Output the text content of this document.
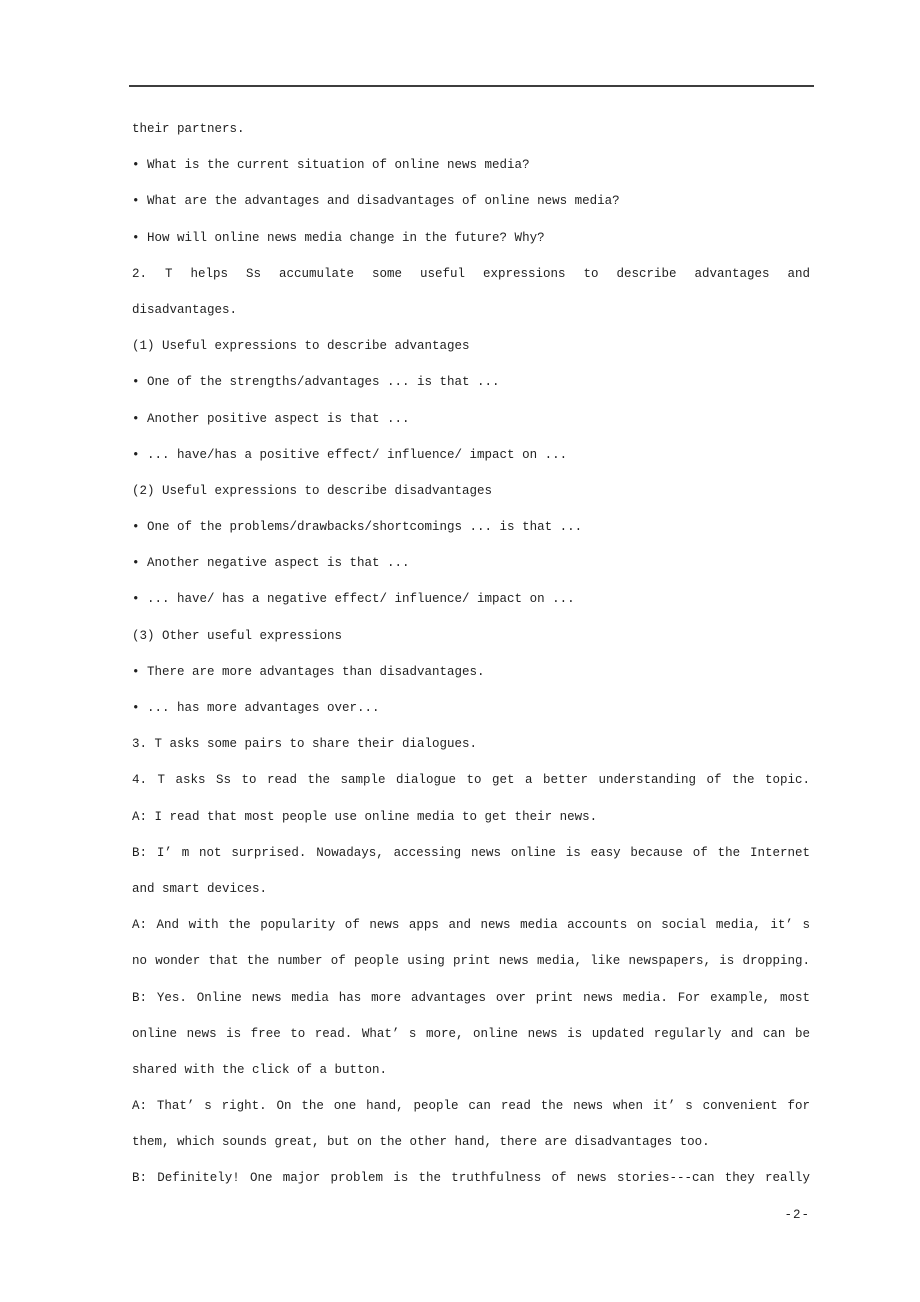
their partners.
• What is the current situation of online news media?
• What are the advantages and disadvantages of online news media?
• How will online news media change in the future? Why?
2. T helps Ss accumulate some useful expressions to describe advantages and
disadvantages.
(1) Useful expressions to describe advantages
• One of the strengths/advantages ... is that ...
• Another positive aspect is that ...
• ... have/has a positive effect/ influence/ impact on ...
(2) Useful expressions to describe disadvantages
• One of the problems/drawbacks/shortcomings ... is that ...
• Another negative aspect is that ...
• ... have/ has a negative effect/ influence/ impact on ...
(3) Other useful expressions
• There are more advantages than disadvantages.
• ... has more advantages over...
3. T asks some pairs to share their dialogues.
4. T asks Ss to read the sample dialogue to get a better understanding of the topic.
A: I read that most people use online media to get their news.
B: I’ m not surprised. Nowadays, accessing news online is easy because of the Internet
and smart devices.
A: And with the popularity of news apps and news media accounts on social media, it’ s
no wonder that the number of people using print news media, like newspapers, is dropping.
B: Yes. Online news media has more advantages over print news media. For example, most
online news is free to read. What’ s more, online news is updated regularly and can be
shared with the click of a button.
A: That’ s right. On the one hand, people can read the news when it’ s convenient for
them, which sounds great, but on the other hand, there are disadvantages too.
B: Definitely! One major problem is the truthfulness of news stories---can they really
-2-
